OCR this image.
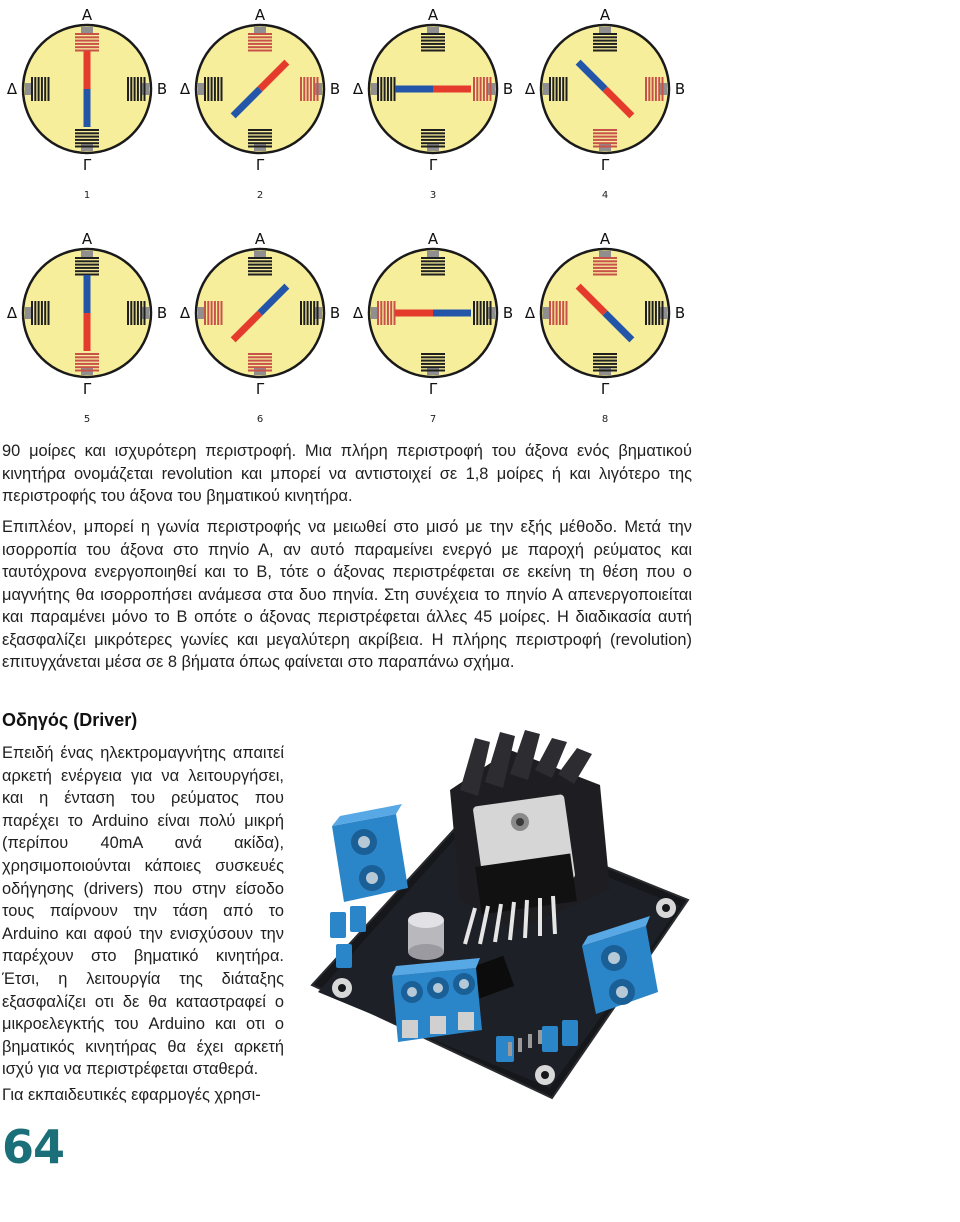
Α
Γ
Δ	Β
1
Α
Γ
Δ	Β
2
Α
Γ
Δ	Β
3
Α
Γ
Δ	Β
4
Α
Γ
Δ	Β
5
Α
Γ
Δ	Β
6
Α
Γ
Δ	Β
7
Α
Γ
Δ	Β
8

90 μοίρες και ισχυρότερη περιστροφή. Μια πλήρη περιστροφή του άξονα ενός βηματικού κινητήρα ονομάζεται revolution και μπορεί να αντιστοιχεί σε 1,8 μοίρες ή και λιγότερο της περιστροφής του άξονα του βηματικού κινητήρα.

Επιπλέον, μπορεί η γωνία περιστροφής να μειωθεί στο μισό με την εξής μέθοδο. Μετά την ισορροπία του άξονα στο πηνίο Α, αν αυτό παραμείνει ενεργό με παροχή ρεύματος και ταυτόχρονα ενεργοποιηθεί και το Β, τότε ο άξονας περιστρέφεται σε εκείνη τη θέση που ο μαγνήτης θα ισορροπήσει ανάμεσα στα δυο πηνία. Στη συνέχεια το πηνίο Α απενεργοποιείται και παραμένει μόνο το Β οπότε ο άξονας περιστρέφεται άλλες 45 μοίρες. Η διαδικασία αυτή εξασφαλίζει μικρότερες γωνίες και μεγαλύτερη ακρίβεια. Η πλήρης περιστροφή (revolution) επιτυγχάνεται μέσα σε 8 βήματα όπως φαίνεται στο παραπάνω σχήμα.

Οδηγός (Driver)

Επειδή ένας ηλεκτρομαγνήτης απαιτεί αρκετή ενέργεια για να λειτουργήσει, και η ένταση του ρεύματος που παρέχει το Arduino είναι πολύ μικρή (περίπου 40mA ανά ακίδα), χρησιμοποιούνται κάποιες συσκευές οδήγησης (drivers) που στην είσοδο τους παίρνουν την τάση από το Arduino και αφού την ενισχύσουν την παρέχουν στο βηματικό κινητήρα. Έτσι, η λειτουργία της διάταξης εξασφαλίζει οτι δε θα καταστραφεί ο μικροελεγκτής του Arduino και οτι ο βηματικός κινητήρας θα έχει αρκετή ισχύ για να περιστρέφεται σταθερά.

Για εκπαιδευτικές εφαρμογές χρησι-

64
